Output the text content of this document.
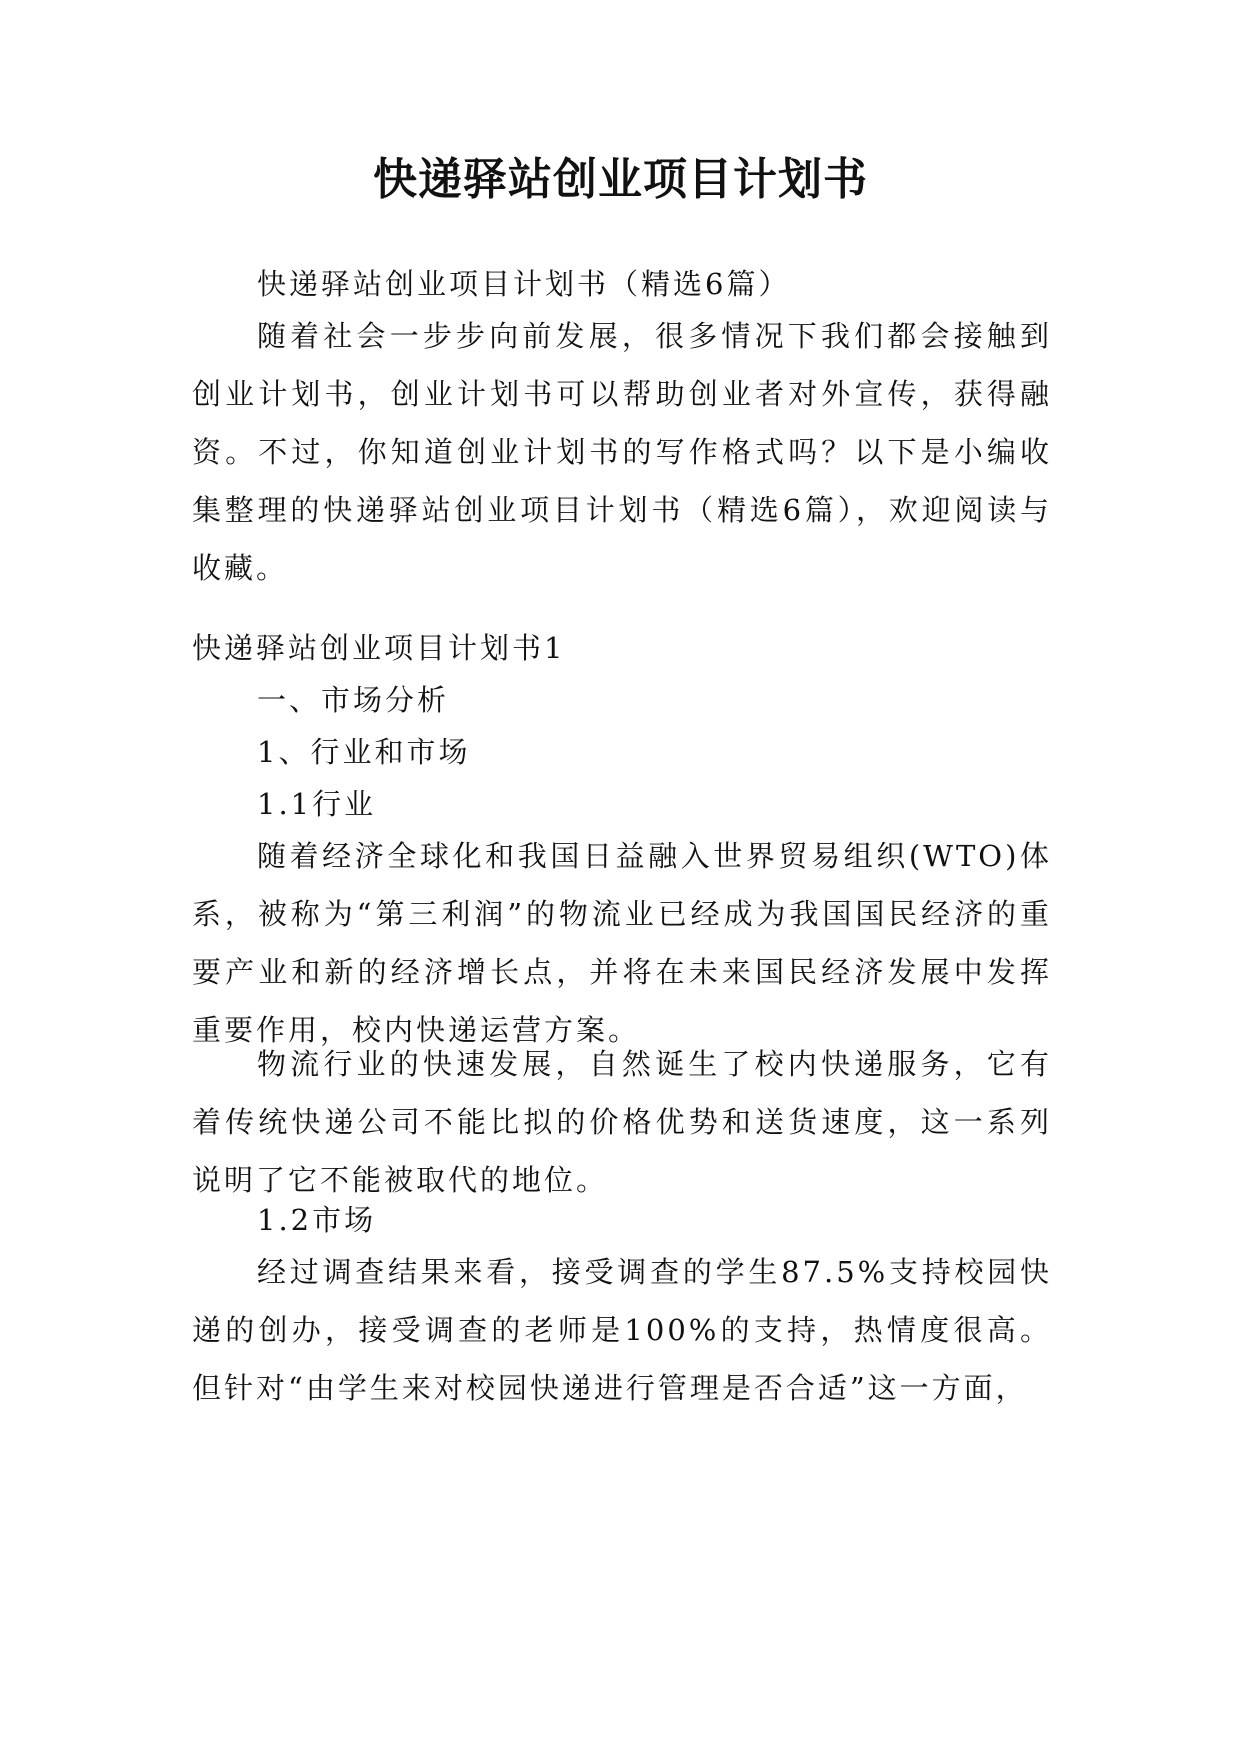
快递驿站创业项目计划书
快递驿站创业项目计划书（精选6篇）

随着社会一步步向前发展，很多情况下我们都会接触到创业计划书，创业计划书可以帮助创业者对外宣传，获得融资。不过，你知道创业计划书的写作格式吗？以下是小编收集整理的快递驿站创业项目计划书（精选6篇），欢迎阅读与收藏。

快递驿站创业项目计划书1
一、市场分析
1、行业和市场
1.1行业

随着经济全球化和我国日益融入世界贸易组织(WTO)体系，被称为“第三利润”的物流业已经成为我国国民经济的重要产业和新的经济增长点，并将在未来国民经济发展中发挥重要作用，校内快递运营方案。

物流行业的快速发展，自然诞生了校内快递服务，它有着传统快递公司不能比拟的价格优势和送货速度，这一系列说明了它不能被取代的地位。

1.2市场

经过调查结果来看，接受调查的学生87.5%支持校园快递的创办，接受调查的老师是100%的支持，热情度很高。但针对“由学生来对校园快递进行管理是否合适”这一方面，
